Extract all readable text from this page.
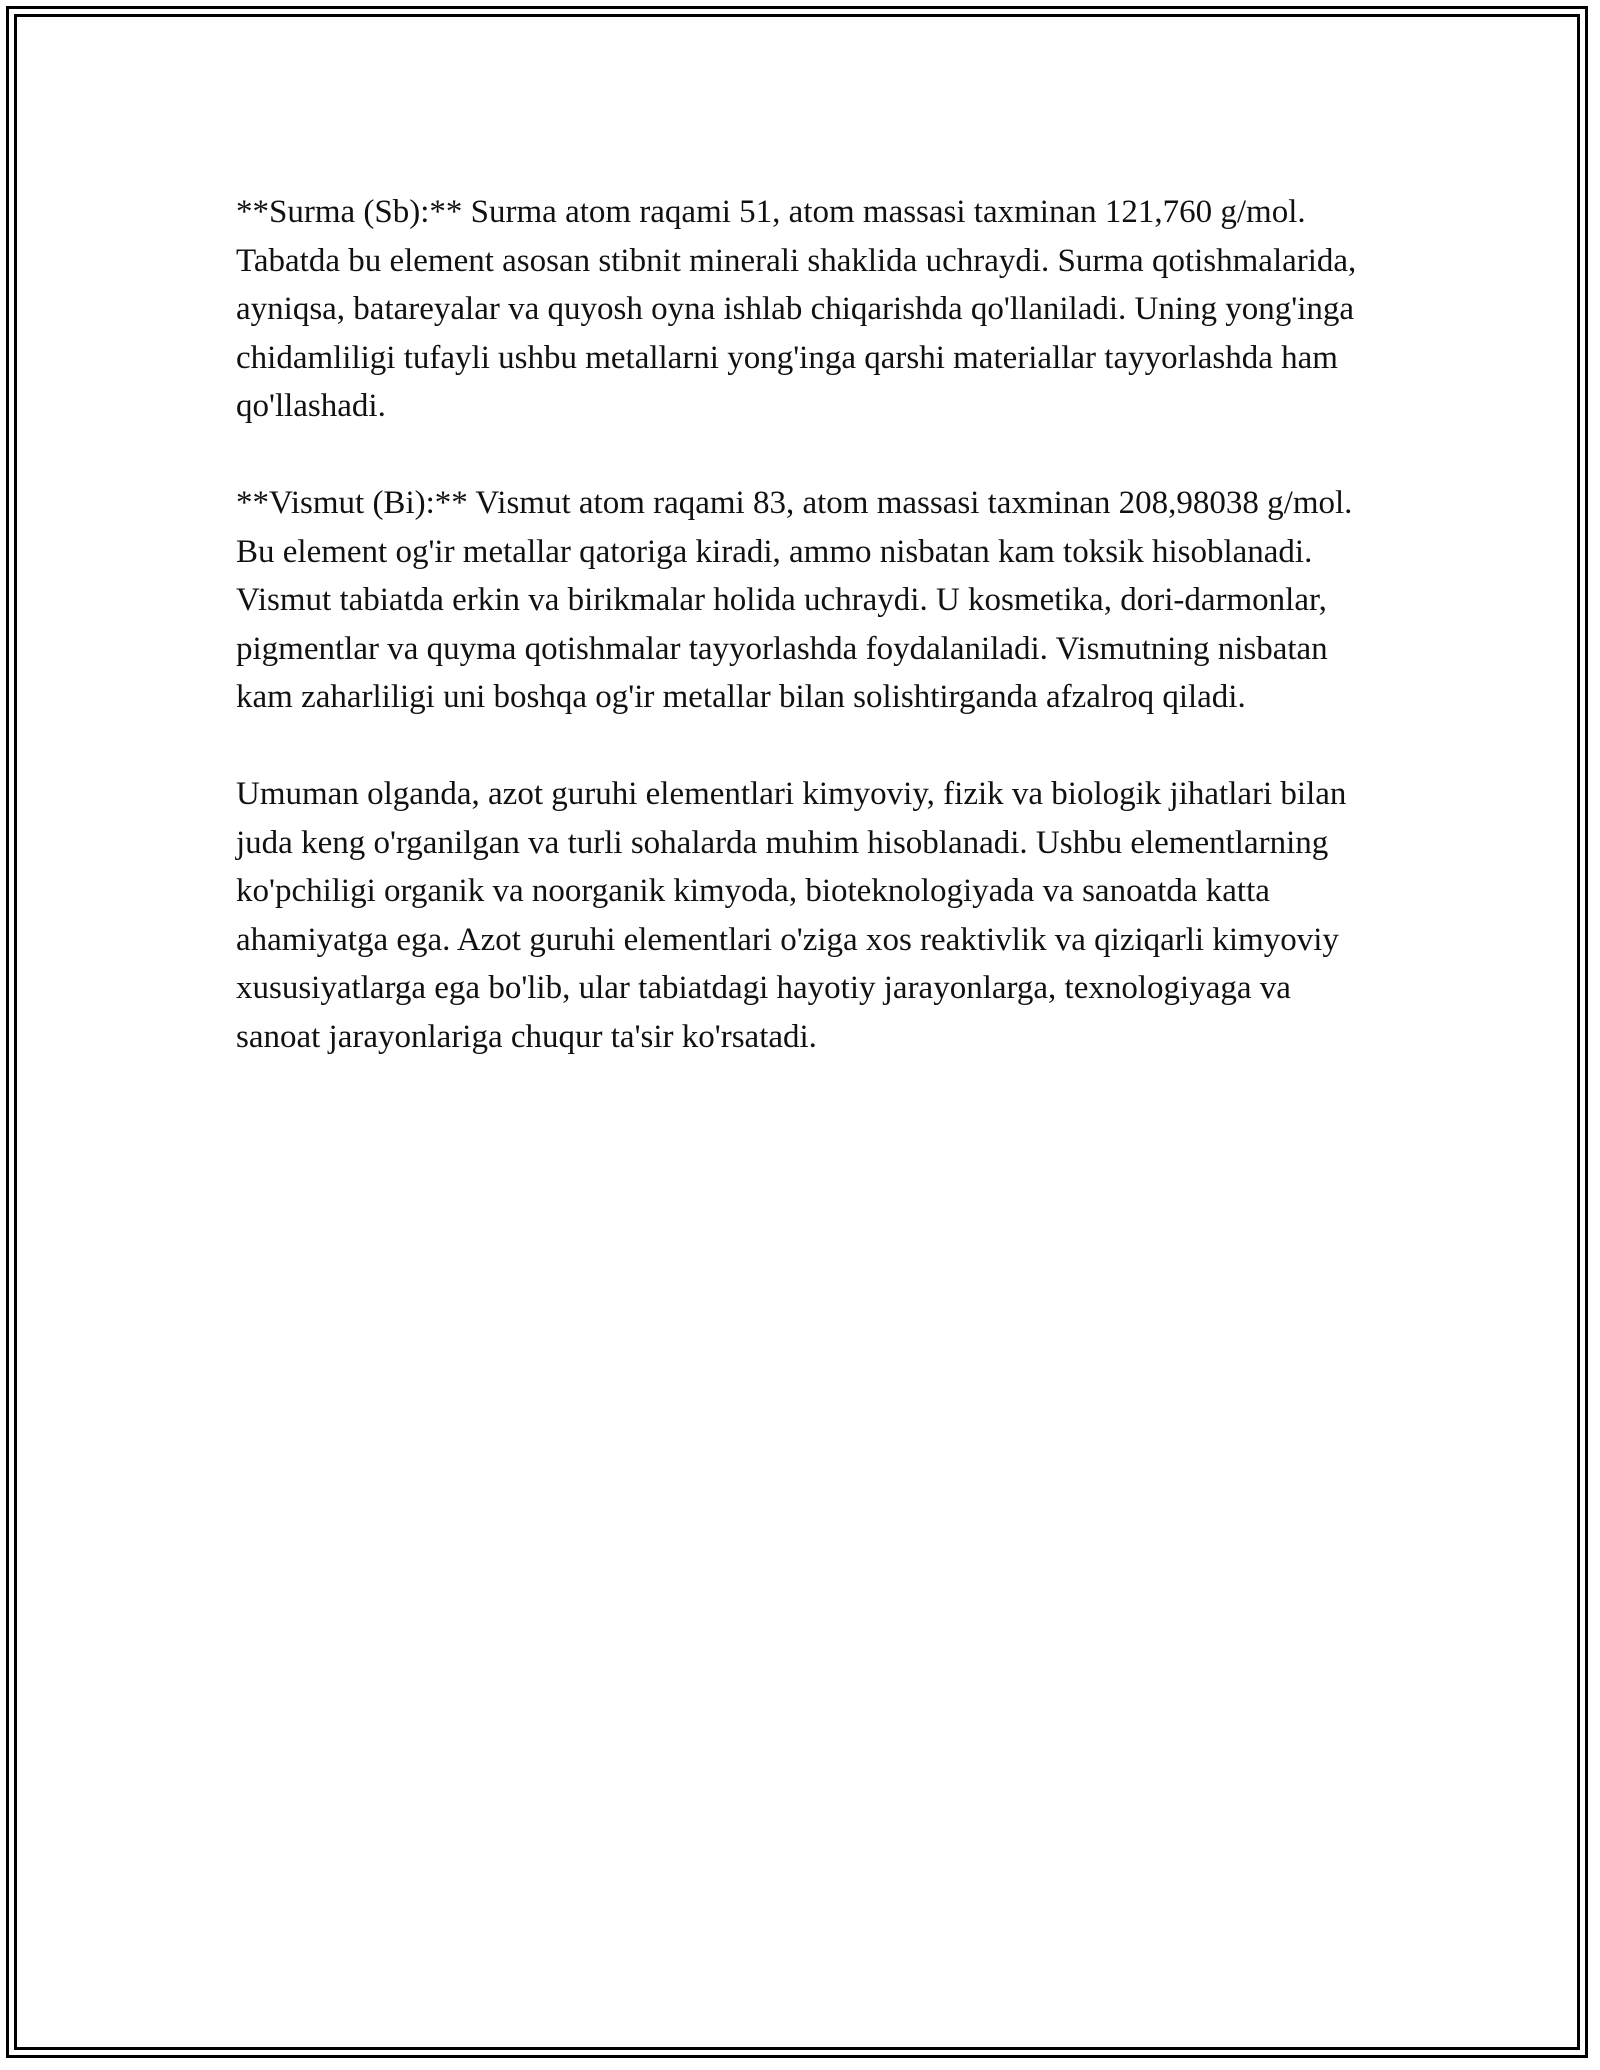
**Surma (Sb):** Surma atom raqami 51, atom massasi taxminan 121,760 g/mol. Tabatda bu element asosan stibnit minerali shaklida uchraydi. Surma qotishmalarida, ayniqsa, batareyalar va quyosh oyna ishlab chiqarishda qo'llaniladi. Uning yong'inga chidamliligi tufayli ushbu metallarni yong'inga qarshi materiallar tayyorlashda ham qo'llashadi.

**Vismut (Bi):** Vismut atom raqami 83, atom massasi taxminan 208,98038 g/mol. Bu element og'ir metallar qatoriga kiradi, ammo nisbatan kam toksik hisoblanadi. Vismut tabiatda erkin va birikmalar holida uchraydi. U kosmetika, dori-darmonlar, pigmentlar va quyma qotishmalar tayyorlashda foydalaniladi. Vismutning nisbatan kam zaharliligi uni boshqa og'ir metallar bilan solishtirganda afzalroq qiladi.

Umuman olganda, azot guruhi elementlari kimyoviy, fizik va biologik jihatlari bilan juda keng o'rganilgan va turli sohalarda muhim hisoblanadi. Ushbu elementlarning ko'pchiligi organik va noorganik kimyoda, bioteknologiyada va sanoatda katta ahamiyatga ega. Azot guruhi elementlari o'ziga xos reaktivlik va qiziqarli kimyoviy xususiyatlarga ega bo'lib, ular tabiatdagi hayotiy jarayonlarga, texnologiyaga va sanoat jarayonlariga chuqur ta'sir ko'rsatadi.
